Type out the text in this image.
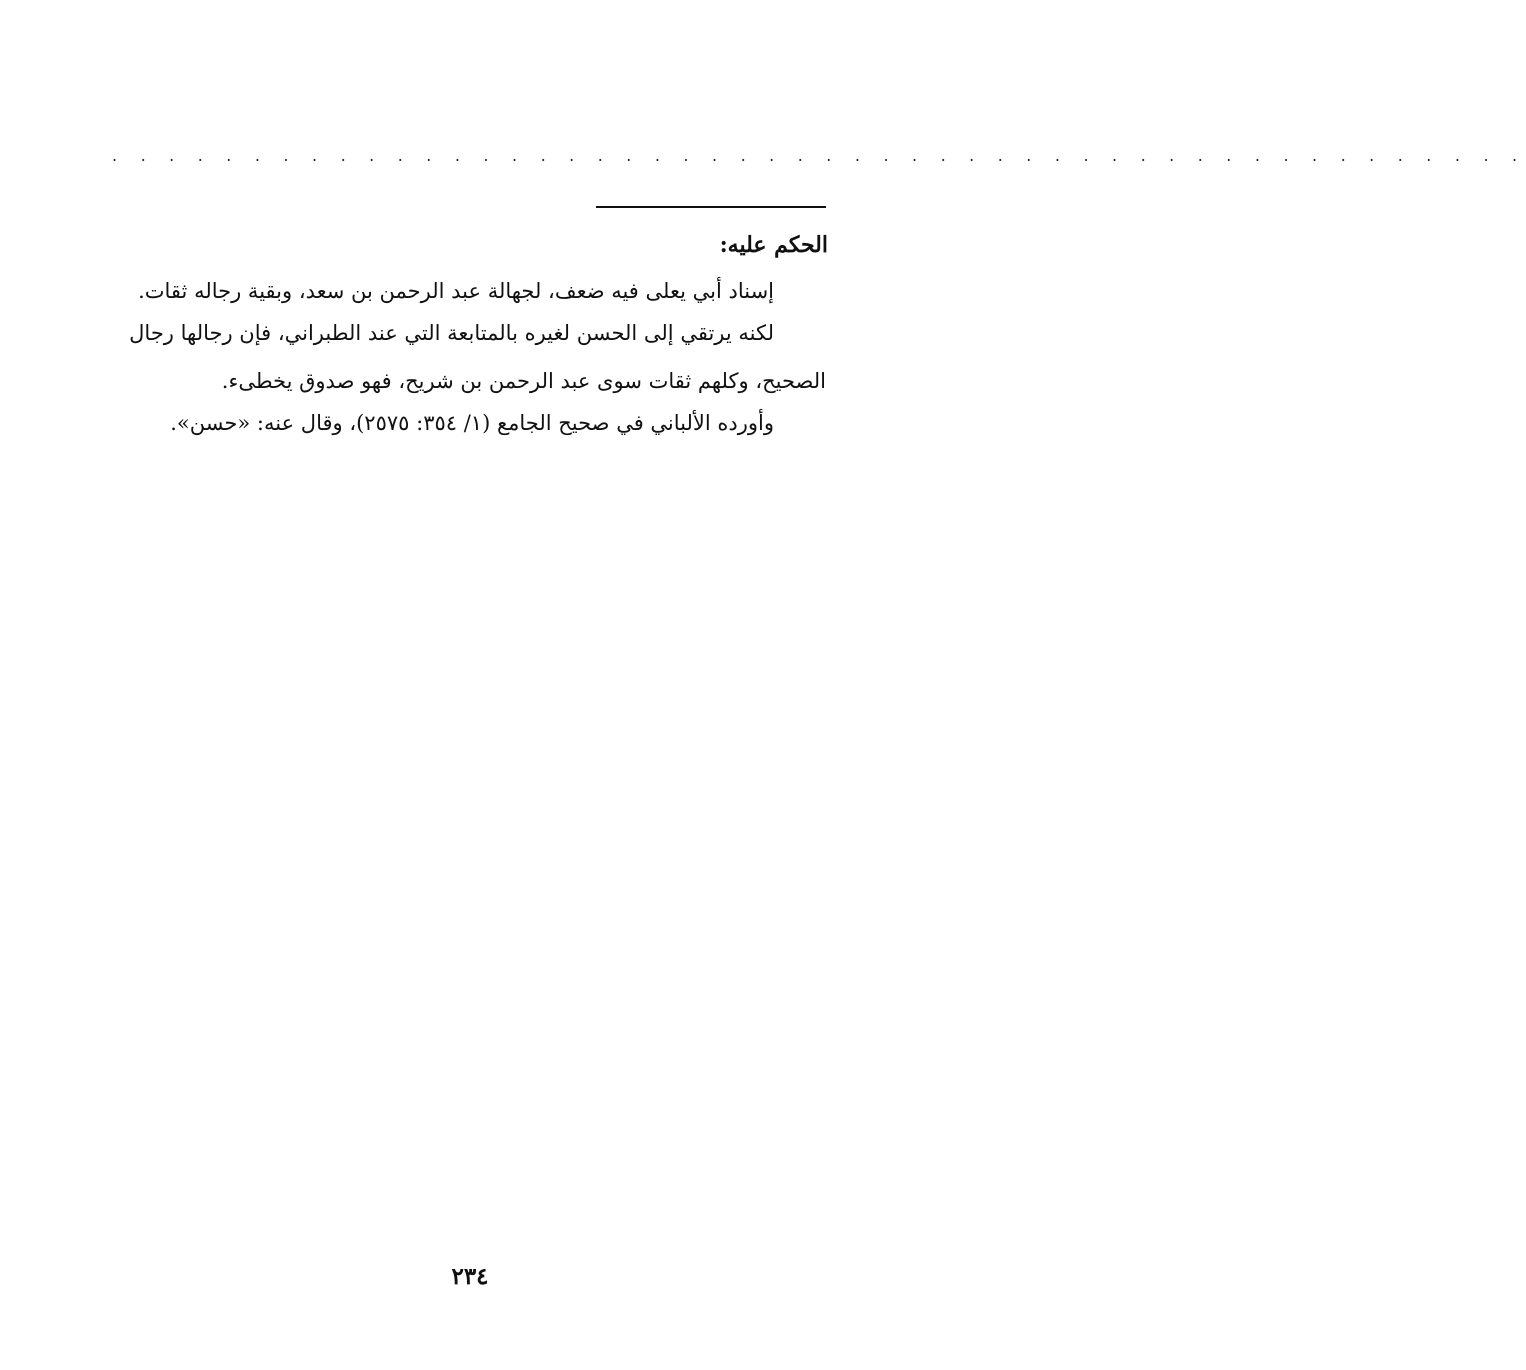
. . . . . . . . . . . . . . . . . . . . . . . . . . . . . . . . . . . . . . . . . . . . . . . . . .
الحكم عليه:
إسناد أبي يعلى فيه ضعف، لجهالة عبد الرحمن بن سعد، وبقية رجاله ثقات.
لكنه يرتقي إلى الحسن لغيره بالمتابعة التي عند الطبراني، فإن رجالها رجال
الصحيح، وكلهم ثقات سوى عبد الرحمن بن شريح، فهو صدوق يخطىء.
وأورده الألباني في صحيح الجامع (١/ ٣٥٤: ٢٥٧٥)، وقال عنه: «حسن».
٢٣٤
